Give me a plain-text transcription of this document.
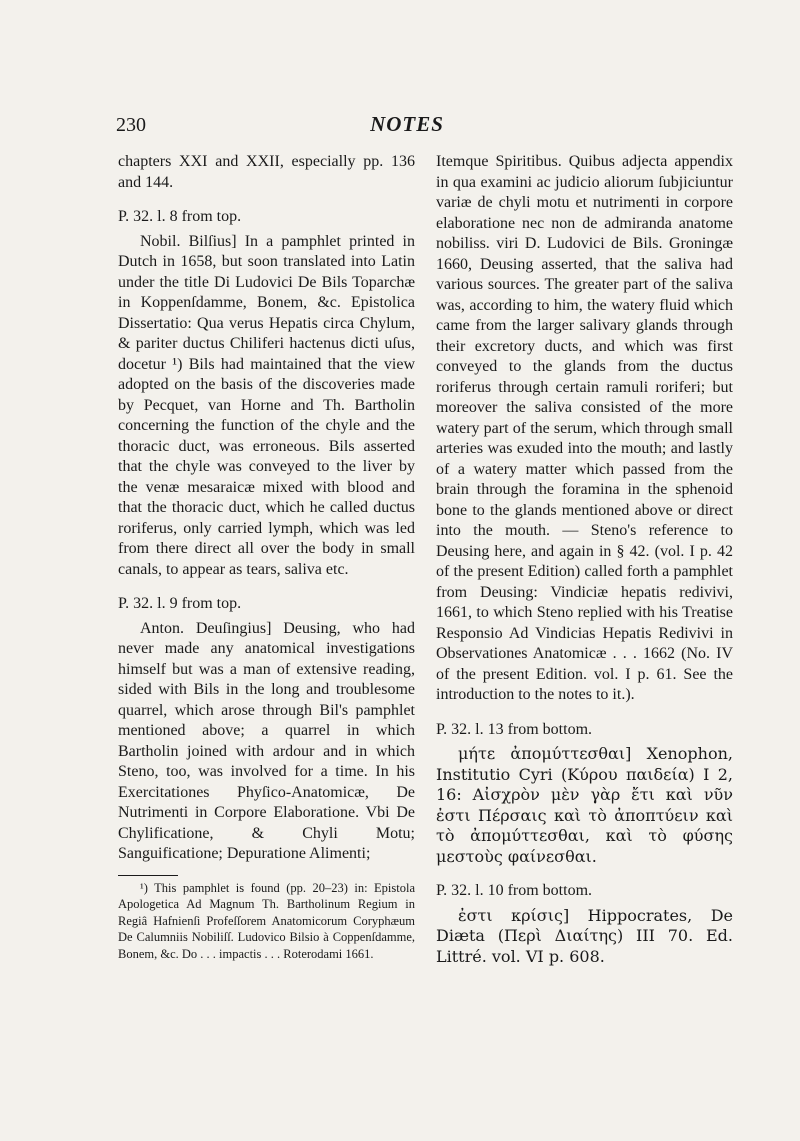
230	NOTES

chapters XXI and XXII, especially pp. 136 and 144.

P. 32. l. 8 from top.

Nobil. Bilſius] In a pamphlet printed in Dutch in 1658, but soon translated into Latin under the title Di Ludovici De Bils Toparchæ in Koppenſdamme, Bonem, &c. Epistolica Dissertatio: Qua verus Hepatis circa Chylum, & pariter ductus Chiliferi hactenus dicti uſus, docetur ¹) Bils had maintained that the view adopted on the basis of the discoveries made by Pecquet, van Horne and Th. Bartholin concerning the function of the chyle and the thoracic duct, was erroneous. Bils asserted that the chyle was conveyed to the liver by the venæ mesaraicæ mixed with blood and that the thoracic duct, which he called ductus roriferus, only carried lymph, which was led from there direct all over the body in small canals, to appear as tears, saliva etc.

P. 32. l. 9 from top.

Anton. Deuſingius] Deusing, who had never made any anatomical investigations himself but was a man of extensive reading, sided with Bils in the long and troublesome quarrel, which arose through Bil's pamphlet mentioned above; a quarrel in which Bartholin joined with ardour and in which Steno, too, was involved for a time. In his Exercitationes Phyſico-Anatomicæ, De Nutrimenti in Corpore Elaboratione. Vbi De Chylificatione, & Chyli Motu; Sanguificatione; Depuratione Alimenti;

¹) This pamphlet is found (pp. 20–23) in: Epistola Apologetica Ad Magnum Th. Bartholinum Regium in Regiâ Hafnienſi Profeſſorem Anatomicorum Coryphæum De Calumniis Nobiliſſ. Ludovico Bilsio à Coppenſdamme, Bonem, &c. Do . . . impactis . . . Roterodami 1661.

Itemque Spiritibus. Quibus adjecta appendix in qua examini ac judicio aliorum ſubjiciuntur variæ de chyli motu et nutrimenti in corpore elaboratione nec non de admiranda anatome nobiliss. viri D. Ludovici de Bils. Groningæ 1660, Deusing asserted, that the saliva had various sources. The greater part of the saliva was, according to him, the watery fluid which came from the larger salivary glands through their excretory ducts, and which was first conveyed to the glands from the ductus roriferus through certain ramuli roriferi; but moreover the saliva consisted of the more watery part of the serum, which through small arteries was exuded into the mouth; and lastly of a watery matter which passed from the brain through the foramina in the sphenoid bone to the glands mentioned above or direct into the mouth. — Steno's reference to Deusing here, and again in § 42. (vol. I p. 42 of the present Edition) called forth a pamphlet from Deusing: Vindiciæ hepatis redivivi, 1661, to which Steno replied with his Treatise Responsio Ad Vindicias Hepatis Redivivi in Observationes Anatomicæ . . . 1662 (No. IV of the present Edition. vol. I p. 61. See the introduction to the notes to it.).

P. 32. l. 13 from bottom.

μήτε ἀπομύττεσθαι] Xenophon, Institutio Cyri (Κύρου παιδεία) I 2, 16: Αἰσχρὸν μὲν γὰρ ἔτι καὶ νῦν ἐστι Πέρσαις καὶ τὸ ἀποπτύειν καὶ τὸ ἀπομύττεσθαι, καὶ τὸ φύσης μεστοὺς φαίνεσθαι.

P. 32. l. 10 from bottom.

ἐστι κρίσις] Hippocrates, De Diæta (Περὶ Διαίτης) III 70. Ed. Littré. vol. VI p. 608.
